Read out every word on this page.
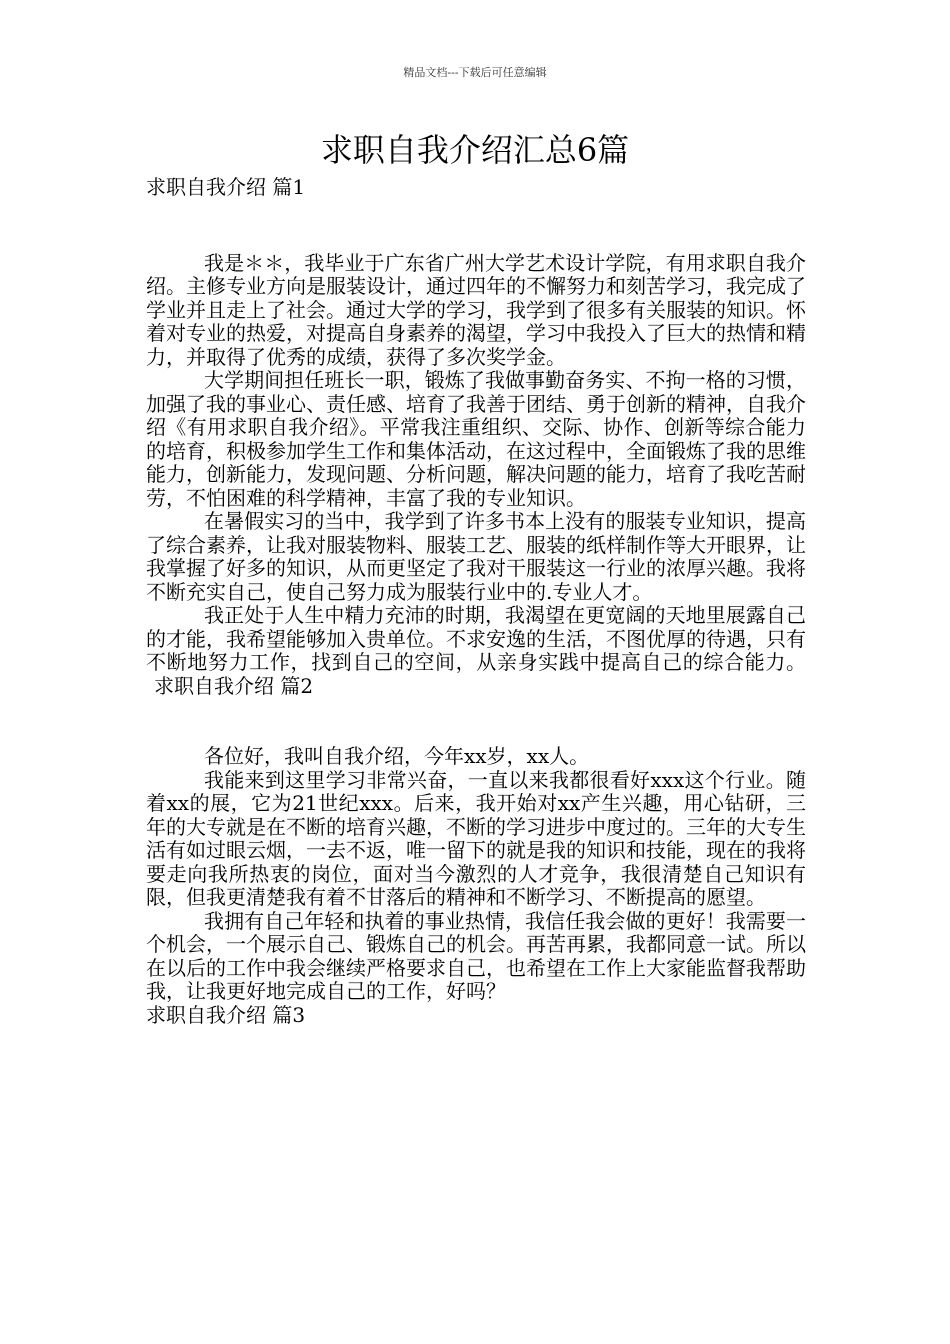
精品文档---下载后可任意编辑
求职自我介绍汇总6篇
求职自我介绍 篇1

我是＊＊，我毕业于广东省广州大学艺术设计学院，有用求职自我介绍。主修专业方向是服装设计，通过四年的不懈努力和刻苦学习，我完成了学业并且走上了社会。通过大学的学习，我学到了很多有关服装的知识。怀着对专业的热爱，对提高自身素养的渴望，学习中我投入了巨大的热情和精力，并取得了优秀的成绩，获得了多次奖学金。

大学期间担任班长一职，锻炼了我做事勤奋务实、不拘一格的习惯，加强了我的事业心、责任感、培育了我善于团结、勇于创新的精神，自我介绍《有用求职自我介绍》。平常我注重组织、交际、协作、创新等综合能力的培育，积极参加学生工作和集体活动，在这过程中，全面锻炼了我的思维能力，创新能力，发现问题、分析问题，解决问题的能力，培育了我吃苦耐劳，不怕困难的科学精神，丰富了我的专业知识。

在暑假实习的当中，我学到了许多书本上没有的服装专业知识，提高了综合素养，让我对服装物料、服装工艺、服装的纸样制作等大开眼界，让我掌握了好多的知识，从而更坚定了我对干服装这一行业的浓厚兴趣。我将不断充实自己，使自己努力成为服装行业中的.专业人才。

我正处于人生中精力充沛的时期，我渴望在更宽阔的天地里展露自己的才能，我希望能够加入贵单位。不求安逸的生活，不图优厚的待遇，只有不断地努力工作，找到自己的空间，从亲身实践中提高自己的综合能力。求职自我介绍 篇2

各位好，我叫自我介绍，今年xx岁，xx人。

我能来到这里学习非常兴奋，一直以来我都很看好xxx这个行业。随着xx的展，它为21世纪xxx。后来，我开始对xx产生兴趣，用心钻研，三年的大专就是在不断的培育兴趣，不断的学习进步中度过的。三年的大专生活有如过眼云烟，一去不返，唯一留下的就是我的知识和技能，现在的我将要走向我所热衷的岗位，面对当今激烈的人才竞争，我很清楚自己知识有限，但我更清楚我有着不甘落后的精神和不断学习、不断提高的愿望。

我拥有自己年轻和执着的事业热情，我信任我会做的更好！我需要一个机会，一个展示自己、锻炼自己的机会。再苦再累，我都同意一试。所以在以后的工作中我会继续严格要求自己，也希望在工作上大家能监督我帮助我，让我更好地完成自己的工作，好吗？

求职自我介绍 篇3
